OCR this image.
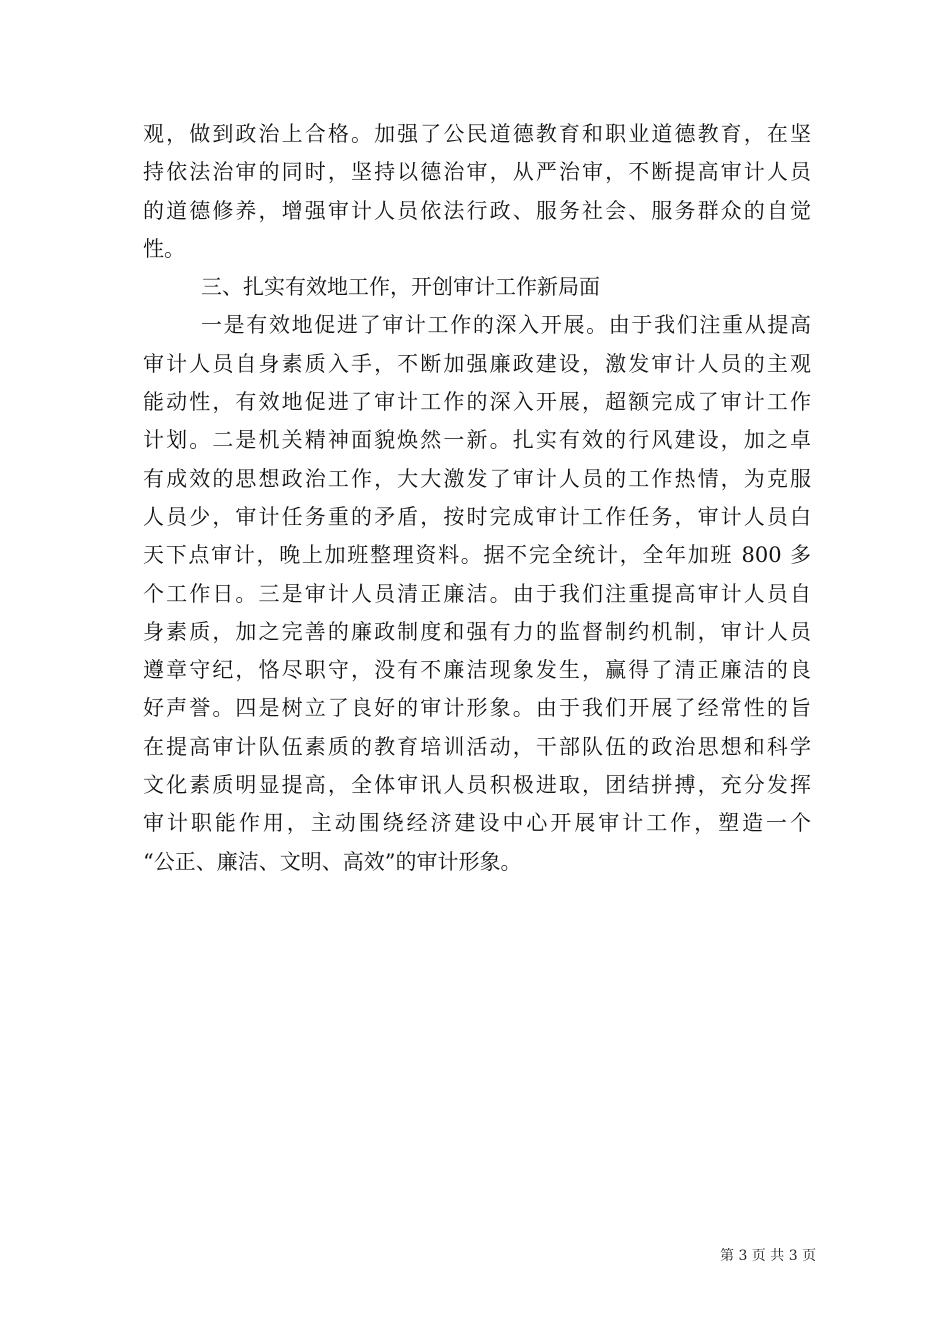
观，做到政治上合格。加强了公民道德教育和职业道德教育，在坚
持依法治审的同时，坚持以德治审，从严治审，不断提高审计人员
的道德修养，增强审计人员依法行政、服务社会、服务群众的自觉
性。
三、扎实有效地工作，开创审计工作新局面
一是有效地促进了审计工作的深入开展。由于我们注重从提高
审计人员自身素质入手，不断加强廉政建设，激发审计人员的主观
能动性，有效地促进了审计工作的深入开展，超额完成了审计工作
计划。二是机关精神面貌焕然一新。扎实有效的行风建设，加之卓
有成效的思想政治工作，大大激发了审计人员的工作热情，为克服
人员少，审计任务重的矛盾，按时完成审计工作任务，审计人员白
天下点审计，晚上加班整理资料。据不完全统计，全年加班 800 多
个工作日。三是审计人员清正廉洁。由于我们注重提高审计人员自
身素质，加之完善的廉政制度和强有力的监督制约机制，审计人员
遵章守纪，恪尽职守，没有不廉洁现象发生，赢得了清正廉洁的良
好声誉。四是树立了良好的审计形象。由于我们开展了经常性的旨
在提高审计队伍素质的教育培训活动，干部队伍的政治思想和科学
文化素质明显提高，全体审讯人员积极进取，团结拼搏，充分发挥
审计职能作用，主动围绕经济建设中心开展审计工作，塑造一个
“公正、廉洁、文明、高效”的审计形象。
第 3 页 共 3 页
